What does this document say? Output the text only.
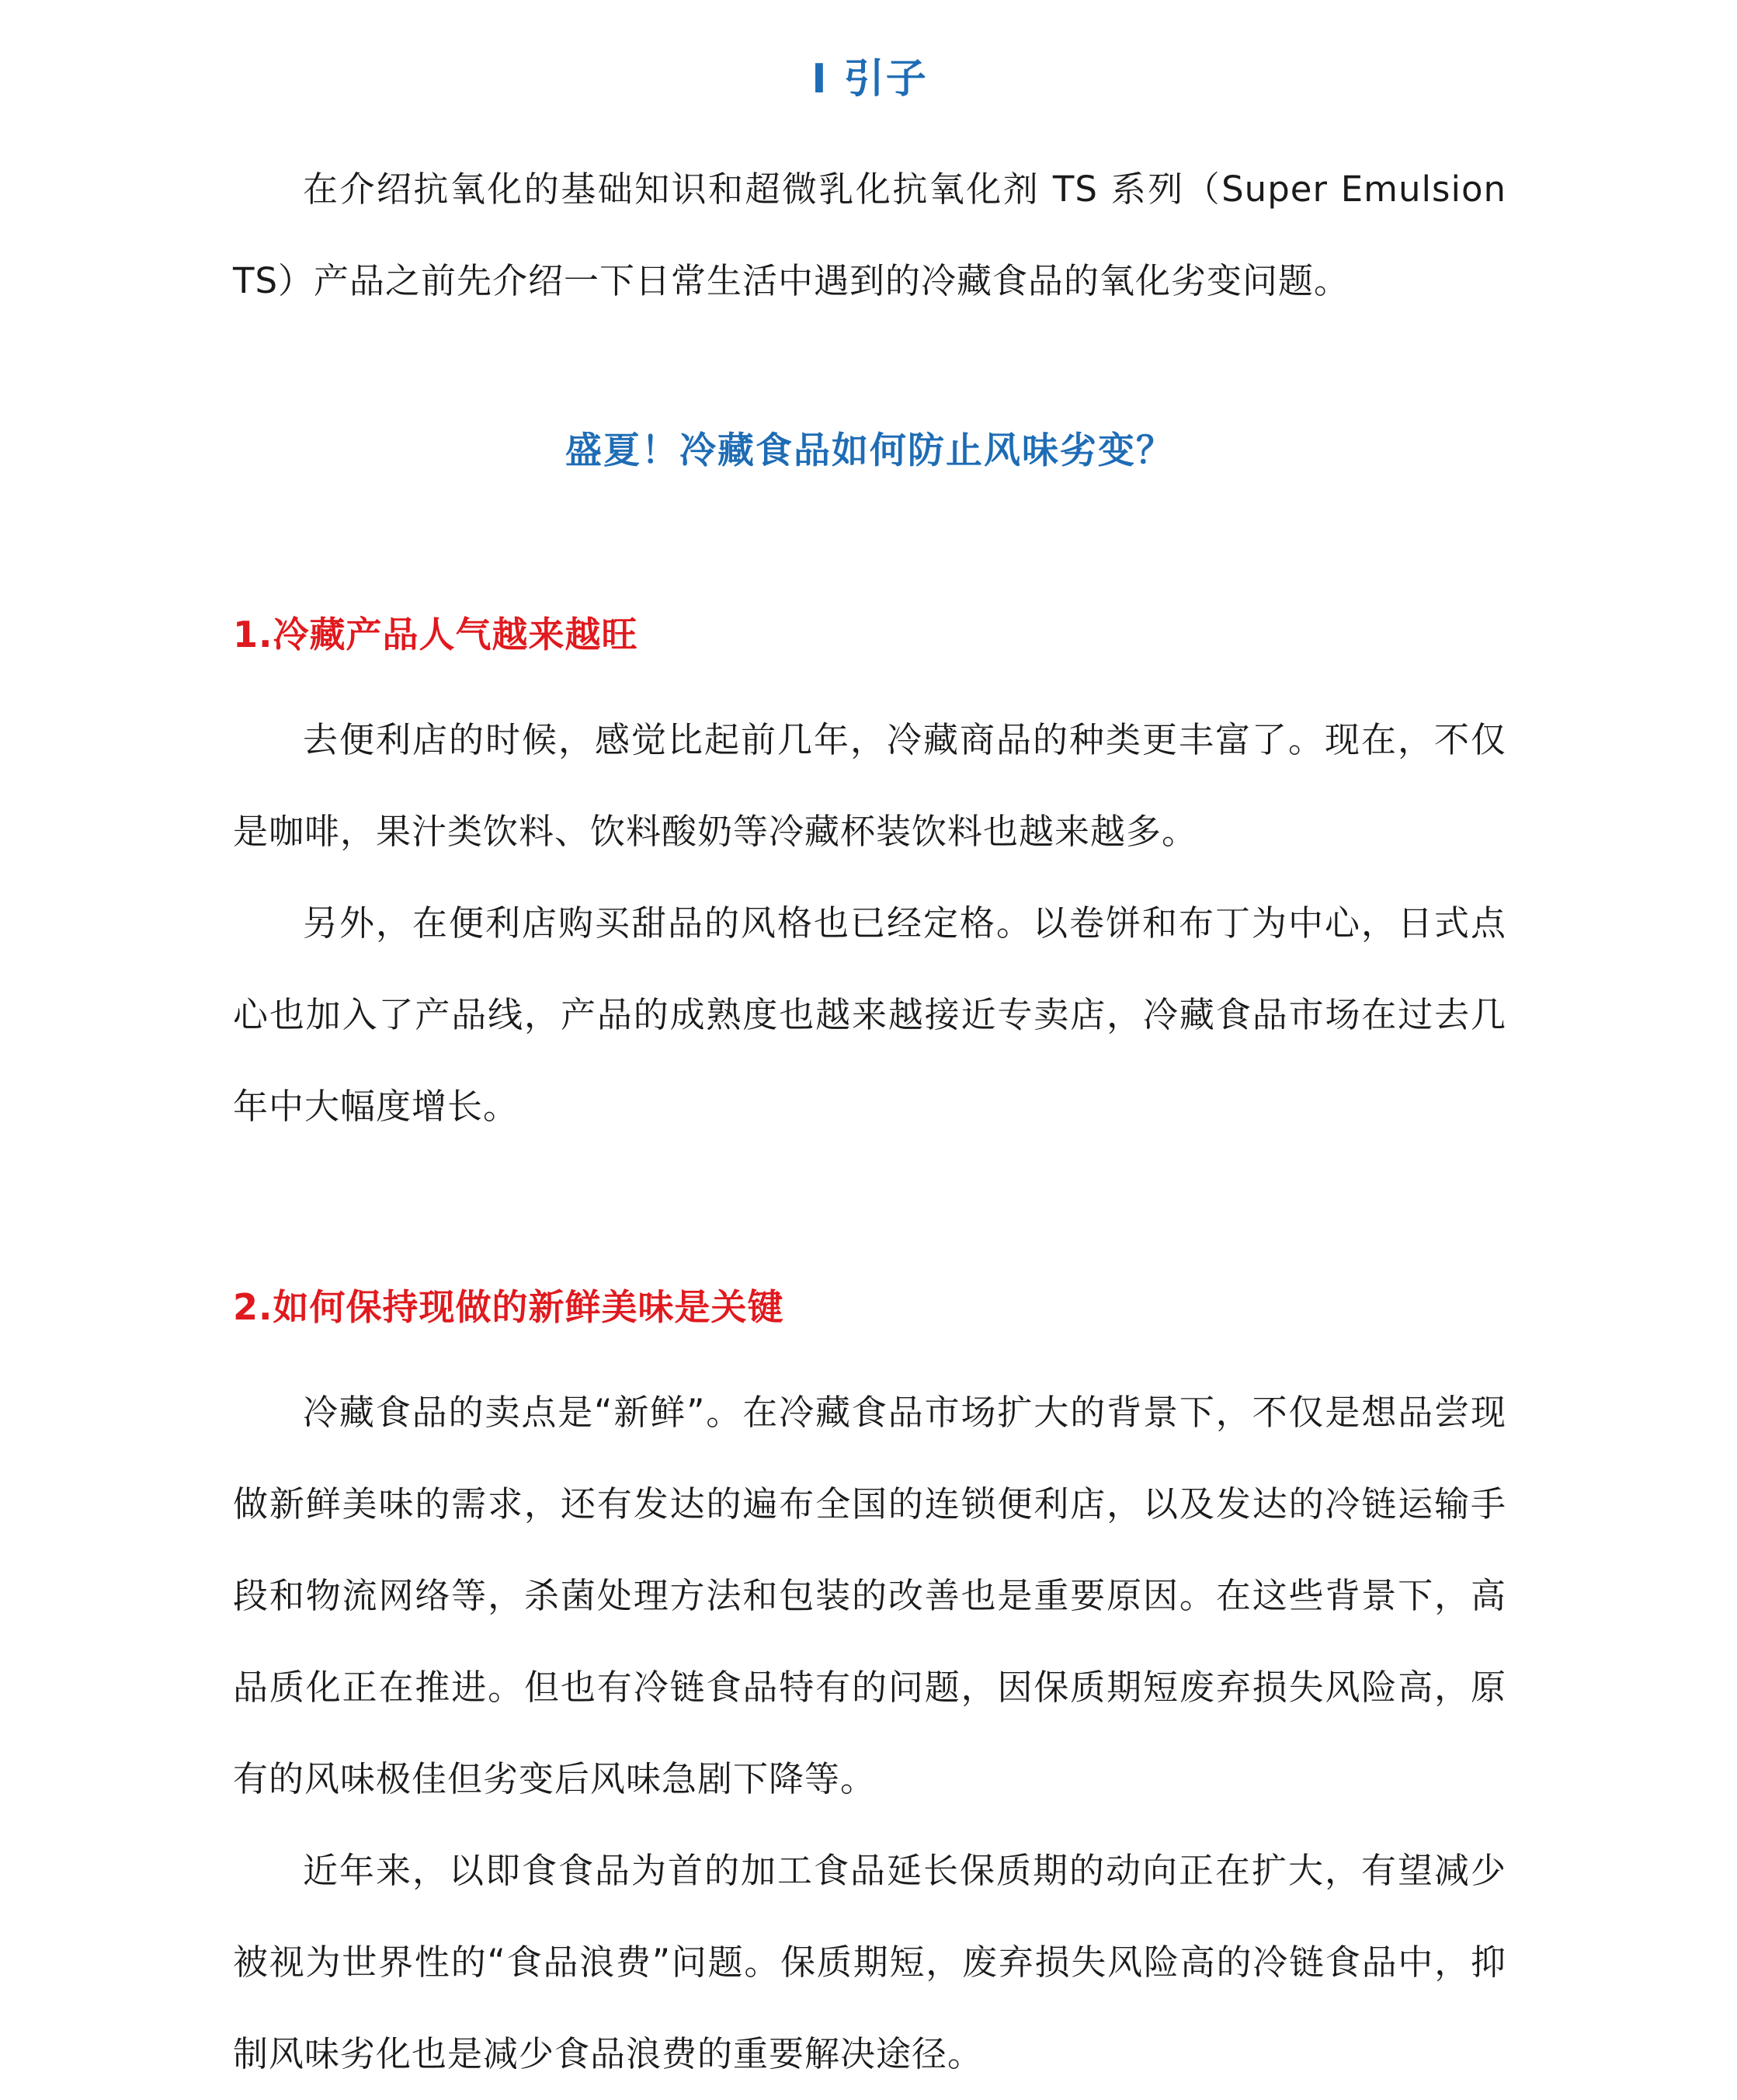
I 引子

在介绍抗氧化的基础知识和超微乳化抗氧化剂 TS 系列（Super Emulsion TS）产品之前先介绍一下日常生活中遇到的冷藏食品的氧化劣变问题。

盛夏！冷藏食品如何防止风味劣变？
1.冷藏产品人气越来越旺

去便利店的时候，感觉比起前几年，冷藏商品的种类更丰富了。现在，不仅是咖啡，果汁类饮料、饮料酸奶等冷藏杯装饮料也越来越多。

另外，在便利店购买甜品的风格也已经定格。以卷饼和布丁为中心，日式点心也加入了产品线，产品的成熟度也越来越接近专卖店，冷藏食品市场在过去几年中大幅度增长。

2.如何保持现做的新鲜美味是关键

冷藏食品的卖点是“新鲜”。在冷藏食品市场扩大的背景下，不仅是想品尝现做新鲜美味的需求，还有发达的遍布全国的连锁便利店，以及发达的冷链运输手段和物流网络等，杀菌处理方法和包装的改善也是重要原因。在这些背景下，高品质化正在推进。但也有冷链食品特有的问题，因保质期短废弃损失风险高，原有的风味极佳但劣变后风味急剧下降等。

近年来，以即食食品为首的加工食品延长保质期的动向正在扩大，有望减少被视为世界性的“食品浪费”问题。保质期短，废弃损失风险高的冷链食品中，抑制风味劣化也是减少食品浪费的重要解决途径。
